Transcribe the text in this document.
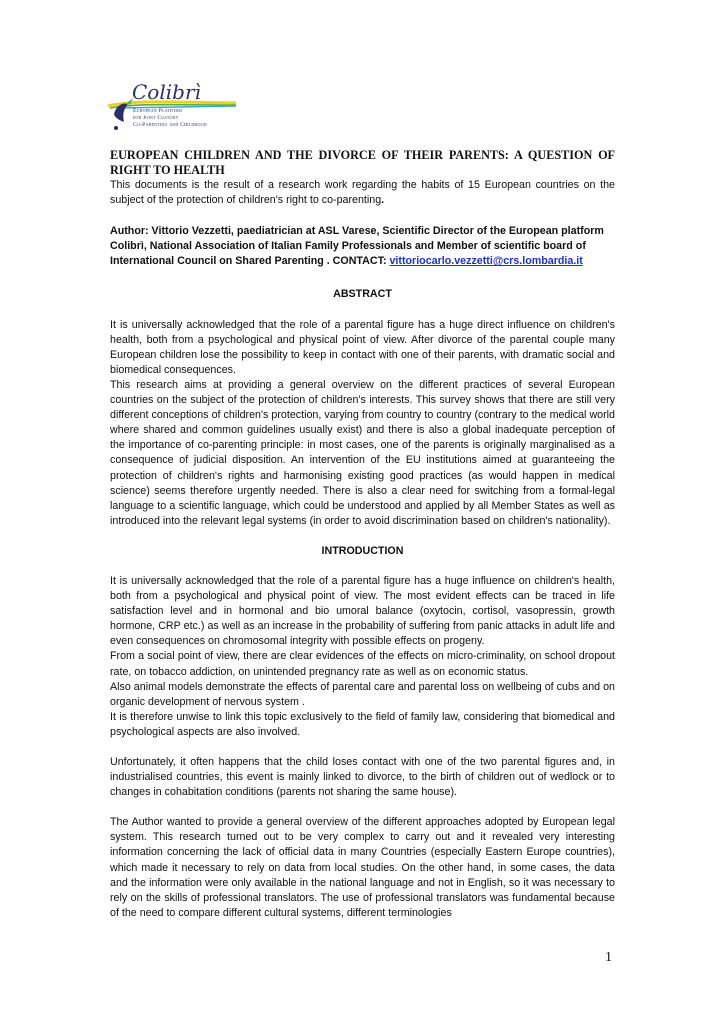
Colibrì
European Platform
for Joint Custody
Co-Parenting and Childhood
EUROPEAN CHILDREN AND THE DIVORCE OF THEIR PARENTS: A QUESTION OF RIGHT TO HEALTH

This documents is the result of a research work regarding the habits of 15 European countries on the subject of the protection of children's right to co-parenting.

Author: Vittorio Vezzetti, paediatrician at ASL Varese, Scientific Director of the European platform Colibrì, National Association of Italian Family Professionals and Member of scientific board of International Council on Shared Parenting . CONTACT: vittoriocarlo.vezzetti@crs.lombardia.it

ABSTRACT

It is universally acknowledged that the role of a parental figure has a huge direct influence on children's health, both from a psychological and physical point of view. After divorce of the parental couple many European children lose the possibility to keep in contact with one of their parents, with dramatic social and biomedical consequences.

This research aims at providing a general overview on the different practices of several European countries on the subject of the protection of children's interests. This survey shows that there are still very different conceptions of children's protection, varying from country to country (contrary to the medical world where shared and common guidelines usually exist) and there is also a global inadequate perception of the importance of co-parenting principle: in most cases, one of the parents is originally marginalised as a consequence of judicial disposition. An intervention of the EU institutions aimed at guaranteeing the protection of children's rights and harmonising existing good practices (as would happen in medical science) seems therefore urgently needed. There is also a clear need for switching from a formal-legal language to a scientific language, which could be understood and applied by all Member States as well as introduced into the relevant legal systems (in order to avoid discrimination based on children's nationality).

INTRODUCTION

It is universally acknowledged that the role of a parental figure has a huge influence on children's health, both from a psychological and physical point of view. The most evident effects can be traced in life satisfaction level and in hormonal and bio umoral balance (oxytocin, cortisol, vasopressin, growth hormone, CRP etc.) as well as an increase in the probability of suffering from panic attacks in adult life and even consequences on chromosomal integrity with possible effects on progeny.

From a social point of view, there are clear evidences of the effects on micro-criminality, on school dropout rate, on tobacco addiction, on unintended pregnancy rate as well as on economic status.

Also animal models demonstrate the effects of parental care and parental loss on wellbeing of cubs and on organic development of nervous system .

It is therefore unwise to link this topic exclusively to the field of family law, considering that biomedical and psychological aspects are also involved.

Unfortunately, it often happens that the child loses contact with one of the two parental figures and, in industrialised countries, this event is mainly linked to divorce, to the birth of children out of wedlock or to changes in cohabitation conditions (parents not sharing the same house).

The Author wanted to provide a general overview of the different approaches adopted by European legal system. This research turned out to be very complex to carry out and it revealed very interesting information concerning the lack of official data in many Countries (especially Eastern Europe countries), which made it necessary to rely on data from local studies. On the other hand, in some cases, the data and the information were only available in the national language and not in English, so it was necessary to rely on the skills of professional translators. The use of professional translators was fundamental because of the need to compare different cultural systems, different terminologies

1
